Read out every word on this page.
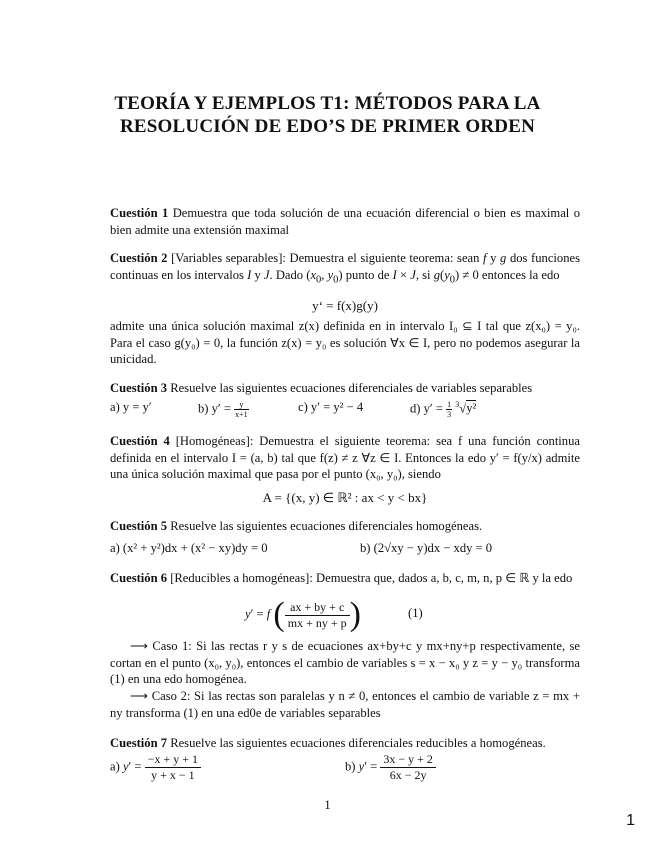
TEORÍA Y EJEMPLOS T1: MÉTODOS PARA LA
RESOLUCIÓN DE EDO’S DE PRIMER ORDEN
Cuestión 1 Demuestra que toda solución de una ecuación diferencial o bien es maximal o bien admite una extensión maximal
Cuestión 2 [Variables separables]: Demuestra el siguiente teorema: sean f y g dos funciones continuas en los intervalos I y J. Dado ($x_0$, $y_0$) punto de I × J, si $g(y_0) \ne 0$ entonces la edo
y‘ = f(x)g(y)
admite una única solución maximal z(x) definida en in intervalo I₀ ⊆ I tal que z(x₀) = y₀. Para el caso g(y₀) = 0, la función z(x) = y₀ es solución ∀x ∈ I, pero no podemos asegurar la unicidad.
Cuestión 3 Resuelve las siguientes ecuaciones diferenciales de variables separables
a) y = y′	b) $y' = \frac{y}{x+1}$	c) y′ = y² − 4	d) $y' = \frac{1}{3} ^3√y^2$
Cuestión 4 [Homogéneas]: Demuestra el siguiente teorema: sea f una función continua definida en el intervalo I = (a, b) tal que f(z) ≠ z ∀z ∈ I. Entonces la edo y′ = f(y/x) admite una única solución maximal que pasa por el punto (x₀, y₀), siendo
A = {(x, y) ∈ ℝ² : ax < y < bx}
Cuestión 5 Resuelve las siguientes ecuaciones diferenciales homogéneas.
a) (x² + y²)dx + (x² − xy)dy = 0	b) (2√xy − y)dx − xdy = 0
Cuestión 6 [Reducibles a homogéneas]: Demuestra que, dados a, b, c, m, n, p ∈ ℝ y la edo
y′ = f ( $\frac{ax + by + c}{mx + ny + p}$ )	(1)
⟶ Caso 1: Si las rectas r y s de ecuaciones ax+by+c y mx+ny+p respectivamente, se cortan en el punto (x₀, y₀), entonces el cambio de variables s = x − x₀ y z = y − y₀ transforma (1) en una edo homogénea.
⟶ Caso 2: Si las rectas son paralelas y n ≠ 0, entonces el cambio de variable z = mx + ny transforma (1) en una ed0e de variables separables
Cuestión 7 Resuelve las siguientes ecuaciones diferenciales reducibles a homogéneas.
a) $y' = \frac{-x + y + 1}{y + x - 1}$	b) $y' = \frac{3x - y + 2}{6x - 2y}$
1
1
